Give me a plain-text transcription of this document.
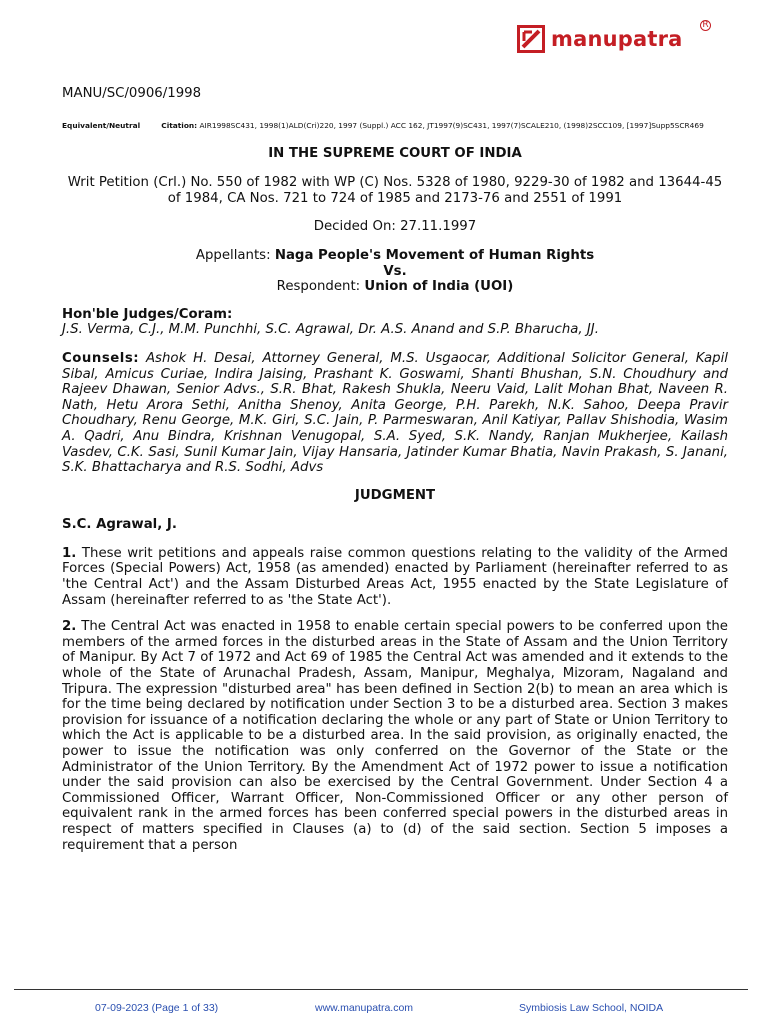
manupatra
R
MANU/SC/0906/1998
Equivalent/Neutral	Citation: AIR1998SC431, 1998(1)ALD(Cri)220, 1997 (Suppl.) ACC 162, JT1997(9)SC431, 1997(7)SCALE210, (1998)2SCC109, [1997]Supp5SCR469
IN THE SUPREME COURT OF INDIA
Writ Petition (Crl.) No. 550 of 1982 with WP (C) Nos. 5328 of 1980, 9229-30 of 1982 and 13644-45 of 1984, CA Nos. 721 to 724 of 1985 and 2173-76 and 2551 of 1991
Decided On: 27.11.1997
Appellants: Naga People's Movement of Human Rights
Vs.
Respondent: Union of India (UOI)
Hon'ble Judges/Coram:
J.S. Verma, C.J., M.M. Punchhi, S.C. Agrawal, Dr. A.S. Anand and S.P. Bharucha, JJ.
Counsels: Ashok H. Desai, Attorney General, M.S. Usgaocar, Additional Solicitor General, Kapil Sibal, Amicus Curiae, Indira Jaising, Prashant K. Goswami, Shanti Bhushan, S.N. Choudhury and Rajeev Dhawan, Senior Advs., S.R. Bhat, Rakesh Shukla, Neeru Vaid, Lalit Mohan Bhat, Naveen R. Nath, Hetu Arora Sethi, Anitha Shenoy, Anita George, P.H. Parekh, N.K. Sahoo, Deepa Pravir Choudhary, Renu George, M.K. Giri, S.C. Jain, P. Parmeswaran, Anil Katiyar, Pallav Shishodia, Wasim A. Qadri, Anu Bindra, Krishnan Venugopal, S.A. Syed, S.K. Nandy, Ranjan Mukherjee, Kailash Vasdev, C.K. Sasi, Sunil Kumar Jain, Vijay Hansaria, Jatinder Kumar Bhatia, Navin Prakash, S. Janani, S.K. Bhattacharya and R.S. Sodhi, Advs
JUDGMENT
S.C. Agrawal, J.
1. These writ petitions and appeals raise common questions relating to the validity of the Armed Forces (Special Powers) Act, 1958 (as amended) enacted by Parliament (hereinafter referred to as 'the Central Act') and the Assam Disturbed Areas Act, 1955 enacted by the State Legislature of Assam (hereinafter referred to as 'the State Act').
2. The Central Act was enacted in 1958 to enable certain special powers to be conferred upon the members of the armed forces in the disturbed areas in the State of Assam and the Union Territory of Manipur. By Act 7 of 1972 and Act 69 of 1985 the Central Act was amended and it extends to the whole of the State of Arunachal Pradesh, Assam, Manipur, Meghalya, Mizoram, Nagaland and Tripura. The expression "disturbed area" has been defined in Section 2(b) to mean an area which is for the time being declared by notification under Section 3 to be a disturbed area. Section 3 makes provision for issuance of a notification declaring the whole or any part of State or Union Territory to which the Act is applicable to be a disturbed area. In the said provision, as originally enacted, the power to issue the notification was only conferred on the Governor of the State or the Administrator of the Union Territory. By the Amendment Act of 1972 power to issue a notification under the said provision can also be exercised by the Central Government. Under Section 4 a Commissioned Officer, Warrant Officer, Non-Commissioned Officer or any other person of equivalent rank in the armed forces has been conferred special powers in the disturbed areas in respect of matters specified in Clauses (a) to (d) of the said section. Section 5 imposes a requirement that a person
07-09-2023 (Page 1 of 33)	www.manupatra.com	Symbiosis Law School, NOIDA
